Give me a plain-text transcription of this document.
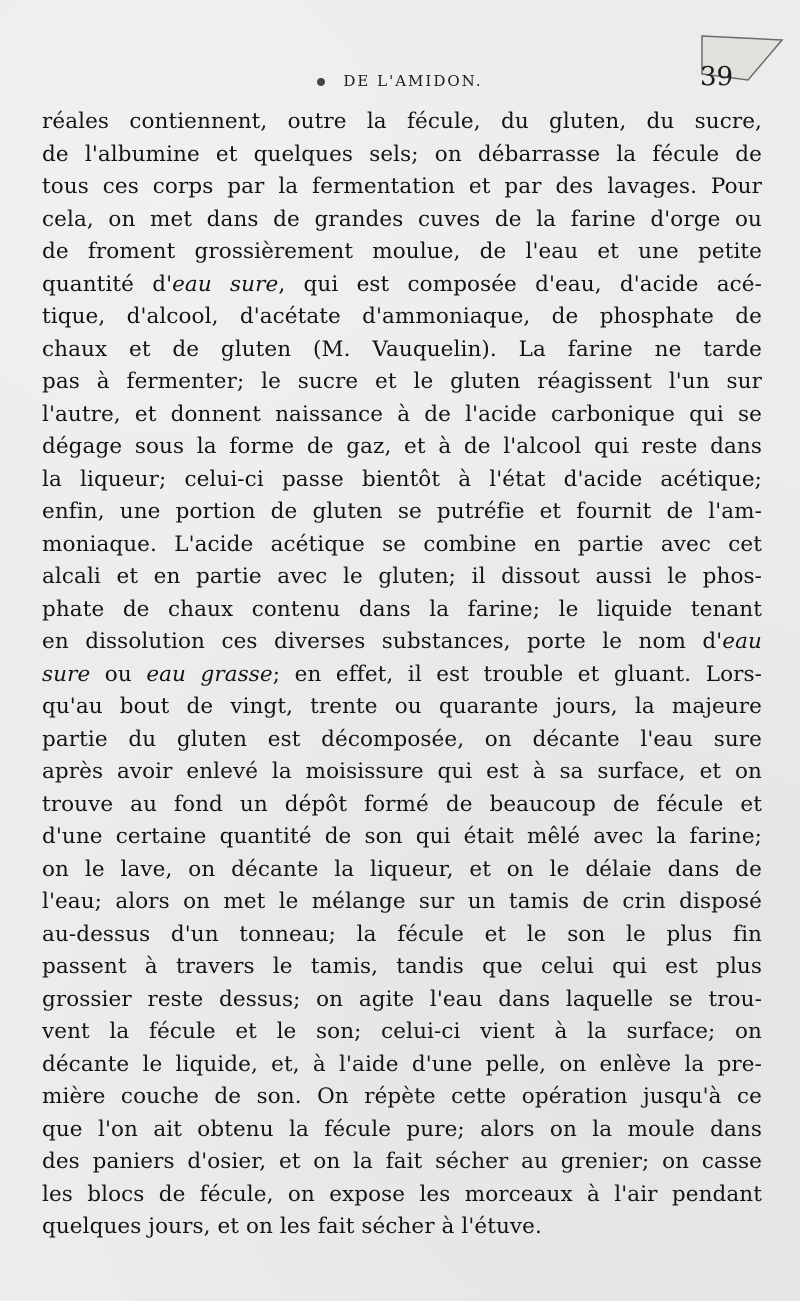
DE L'AMIDON.	39
réales contiennent, outre la fécule, du gluten, du sucre,
de l'albumine et quelques sels; on débarrasse la fécule de
tous ces corps par la fermentation et par des lavages. Pour
cela, on met dans de grandes cuves de la farine d'orge ou
de froment grossièrement moulue, de l'eau et une petite
quantité d'eau sure, qui est composée d'eau, d'acide acé-
tique, d'alcool, d'acétate d'ammoniaque, de phosphate de
chaux et de gluten (M. Vauquelin). La farine ne tarde
pas à fermenter; le sucre et le gluten réagissent l'un sur
l'autre, et donnent naissance à de l'acide carbonique qui se
dégage sous la forme de gaz, et à de l'alcool qui reste dans
la liqueur; celui-ci passe bientôt à l'état d'acide acétique;
enfin, une portion de gluten se putréfie et fournit de l'am-
moniaque. L'acide acétique se combine en partie avec cet
alcali et en partie avec le gluten; il dissout aussi le phos-
phate de chaux contenu dans la farine; le liquide tenant
en dissolution ces diverses substances, porte le nom d'eau
sure ou eau grasse; en effet, il est trouble et gluant. Lors-
qu'au bout de vingt, trente ou quarante jours, la majeure
partie du gluten est décomposée, on décante l'eau sure
après avoir enlevé la moisissure qui est à sa surface, et on
trouve au fond un dépôt formé de beaucoup de fécule et
d'une certaine quantité de son qui était mêlé avec la farine;
on le lave, on décante la liqueur, et on le délaie dans de
l'eau; alors on met le mélange sur un tamis de crin disposé
au-dessus d'un tonneau; la fécule et le son le plus fin
passent à travers le tamis, tandis que celui qui est plus
grossier reste dessus; on agite l'eau dans laquelle se trou-
vent la fécule et le son; celui-ci vient à la surface; on
décante le liquide, et, à l'aide d'une pelle, on enlève la pre-
mière couche de son. On répète cette opération jusqu'à ce
que l'on ait obtenu la fécule pure; alors on la moule dans
des paniers d'osier, et on la fait sécher au grenier; on casse
les blocs de fécule, on expose les morceaux à l'air pendant
quelques jours, et on les fait sécher à l'étuve.
